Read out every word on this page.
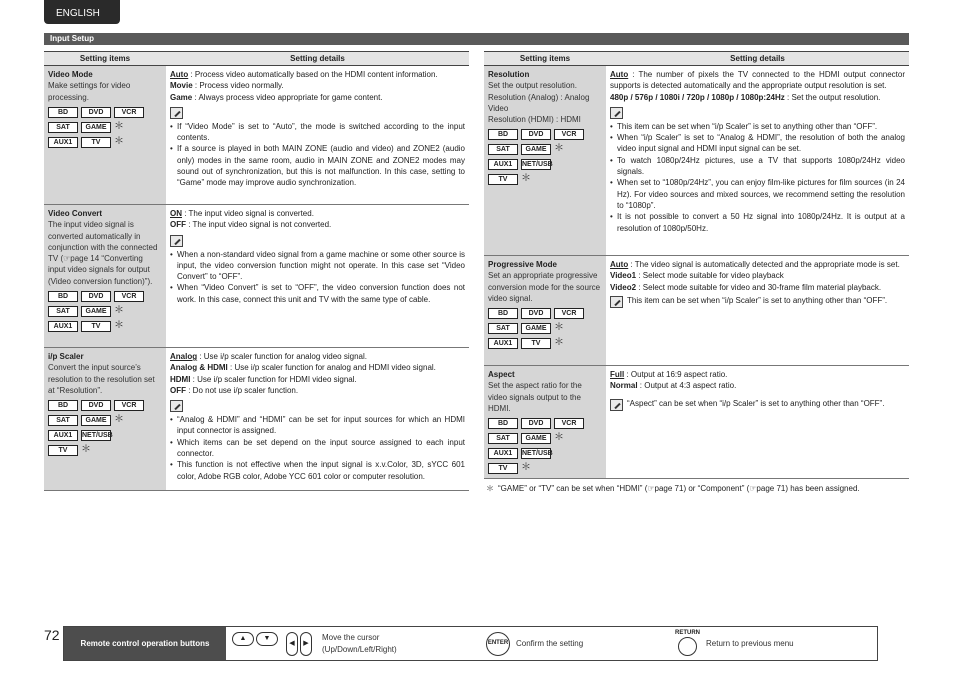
ENGLISH
Input Setup
Setting items	Setting details
Video Mode
Make settings for video processing.
BD	DVD	VCR
SAT	GAME ＊
AUX1	TV	＊
Auto : Process video automatically based on the HDMI content information.
Movie : Process video normally.
Game : Always process video appropriate for game content.
• If “Video Mode” is set to “Auto”, the mode is switched according to the input contents.
• If a source is played in both MAIN ZONE (audio and video) and ZONE2 (audio only) modes in the same room, audio in MAIN ZONE and ZONE2 modes may sound out of synchronization, but this is not malfunction. In this case, setting to “Game” mode may improve audio synchronization.
Video Convert
The input video signal is converted automatically in conjunction with the connected TV (☞page 14 “Converting input video signals for output (Video conversion function)”).
BD	DVD	VCR
SAT	GAME ＊
AUX1	TV	＊
ON : The input video signal is converted.
OFF : The input video signal is not converted.
• When a non-standard video signal from a game machine or some other source is input, the video conversion function might not operate. In this case set “Video Convert” to “OFF”.
• When “Video Convert” is set to “OFF”, the video conversion function does not work. In this case, connect this unit and TV with the same type of cable.
i/p Scaler
Convert the input source’s resolution to the resolution set at “Resolution”.
BD	DVD	VCR
SAT	GAME ＊
AUX1	NET/USB
TV	＊
Analog : Use i/p scaler function for analog video signal.
Analog & HDMI : Use i/p scaler function for analog and HDMI video signal.
HDMI : Use i/p scaler function for HDMI video signal.
OFF : Do not use i/p scaler function.
• “Analog & HDMI” and “HDMI” can be set for input sources for which an HDMI input connector is assigned.
• Which items can be set depend on the input source assigned to each input connector.
• This function is not effective when the input signal is x.v.Color, 3D, sYCC 601 color, Adobe RGB color, Adobe YCC 601 color or computer resolution.
Setting items	Setting details
Resolution
Set the output resolution.
Resolution (Analog) : Analog Video
Resolution (HDMI) : HDMI
BD	DVD	VCR
SAT	GAME ＊
AUX1	NET/USB
TV	＊
Auto : The number of pixels the TV connected to the HDMI output connector supports is detected automatically and the appropriate output resolution is set.
480p / 576p / 1080i / 720p / 1080p / 1080p:24Hz : Set the output resolution.
• This item can be set when “i/p Scaler” is set to anything other than “OFF”.
• When “i/p Scaler” is set to “Analog & HDMI”, the resolution of both the analog video input signal and HDMI input signal can be set.
• To watch 1080p/24Hz pictures, use a TV that supports 1080p/24Hz video signals.
• When set to “1080p/24Hz”, you can enjoy film-like pictures for film sources (in 24 Hz). For video sources and mixed sources, we recommend setting the resolution to “1080p”.
• It is not possible to convert a 50 Hz signal into 1080p/24Hz. It is output at a resolution of 1080p/50Hz.
Progressive Mode
Set an appropriate progressive conversion mode for the source video signal.
BD	DVD	VCR
SAT	GAME ＊
AUX1	TV	＊
Auto : The video signal is automatically detected and the appropriate mode is set.
Video1 : Select mode suitable for video playback
Video2 : Select mode suitable for video and 30-frame film material playback.
This item can be set when “i/p Scaler” is set to anything other than “OFF”.
Aspect
Set the aspect ratio for the video signals output to the HDMI.
BD	DVD	VCR
SAT	GAME ＊
AUX1	NET/USB
TV	＊
Full : Output at 16:9 aspect ratio.
Normal : Output at 4:3 aspect ratio.
“Aspect” can be set when “i/p Scaler” is set to anything other than “OFF”.
＊ “GAME” or “TV” can be set when “HDMI” (☞page 71) or “Component” (☞page 71) has been assigned.
72	Remote control operation buttons
▲	▼
◀	▶
Move the cursor (Up/Down/Left/Right)
ENTER Confirm the setting
RETURN
Return to previous menu
